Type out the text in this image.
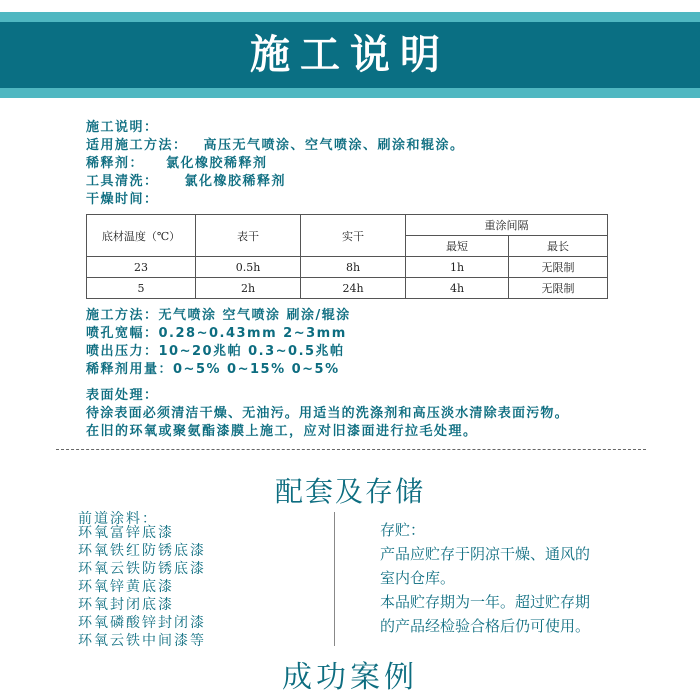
施工说明
施工说明：
适用施工方法： 高压无气喷涂、空气喷涂、刷涂和辊涂。
稀释剂： 氯化橡胶稀释剂
工具清洗： 氯化橡胶稀释剂
干燥时间：
底材温度（℃）	表干	实干	重涂间隔	
			最短	最长
23	0.5h	8h	1h	无限制
5	2h	24h	4h	无限制
施工方法：无气喷涂 空气喷涂 刷涂/辊涂
喷孔宽幅：0.28~0.43mm 2~3mm
喷出压力：10~20兆帕 0.3~0.5兆帕
稀释剂用量：0~5% 0~15% 0~5%
表面处理：
待涂表面必须清洁干燥、无油污。用适当的洗涤剂和高压淡水清除表面污物。
在旧的环氧或聚氨酯漆膜上施工，应对旧漆面进行拉毛处理。
配套及存储
前道涂料：
环氧富锌底漆
环氧铁红防锈底漆
环氧云铁防锈底漆
环氧锌黄底漆
环氧封闭底漆
环氧磷酸锌封闭漆
环氧云铁中间漆等
存贮：
产品应贮存于阴凉干燥、通风的
室内仓库。
本品贮存期为一年。超过贮存期
的产品经检验合格后仍可使用。
成功案例
